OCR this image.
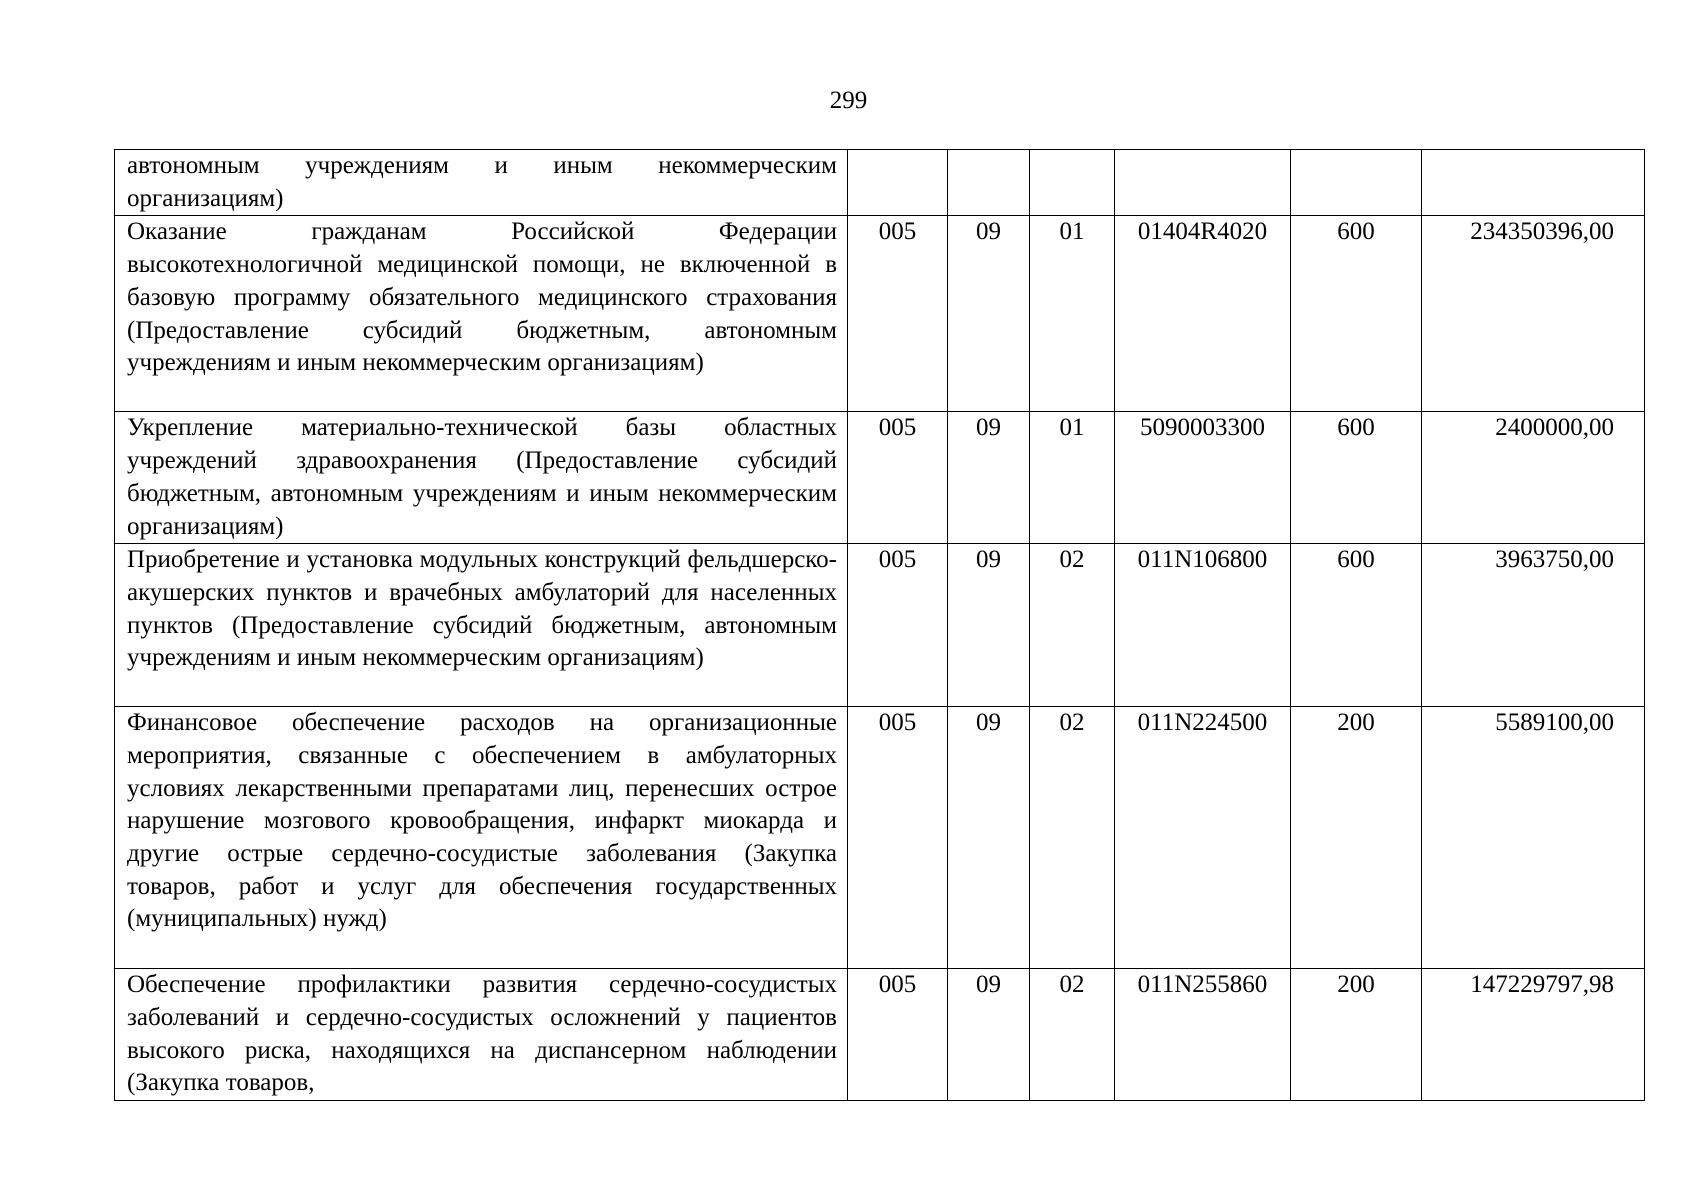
299
автономным учреждениям и иным некоммерческим организациям)						
Оказание гражданам Российской Федерации высокотехнологичной медицинской помощи, не включенной в базовую программу обязательного медицинского страхования (Предоставление субсидий бюджетным, автономным учреждениям и иным некоммерческим организациям)	005	09	01	01404R4020	600	234350396,00
Укрепление материально-технической базы областных учреждений здравоохранения (Предоставление субсидий бюджетным, автономным учреждениям и иным некоммерческим организациям)	005	09	01	5090003300	600	2400000,00
Приобретение и установка модульных конструкций фельдшерско-акушерских пунктов и врачебных амбулаторий для населенных пунктов (Предоставление субсидий бюджетным, автономным учреждениям и иным некоммерческим организациям)	005	09	02	011N106800	600	3963750,00
Финансовое обеспечение расходов на организационные мероприятия, связанные с обеспечением в амбулаторных условиях лекарственными препаратами лиц, перенесших острое нарушение мозгового кровообращения, инфаркт миокарда и другие острые сердечно-сосудистые заболевания (Закупка товаров, работ и услуг для обеспечения государственных (муниципальных) нужд)	005	09	02	011N224500	200	5589100,00
Обеспечение профилактики развития сердечно-сосудистых заболеваний и сердечно-сосудистых осложнений у пациентов высокого риска, находящихся на диспансерном наблюдении (Закупка товаров,	005	09	02	011N255860	200	147229797,98
